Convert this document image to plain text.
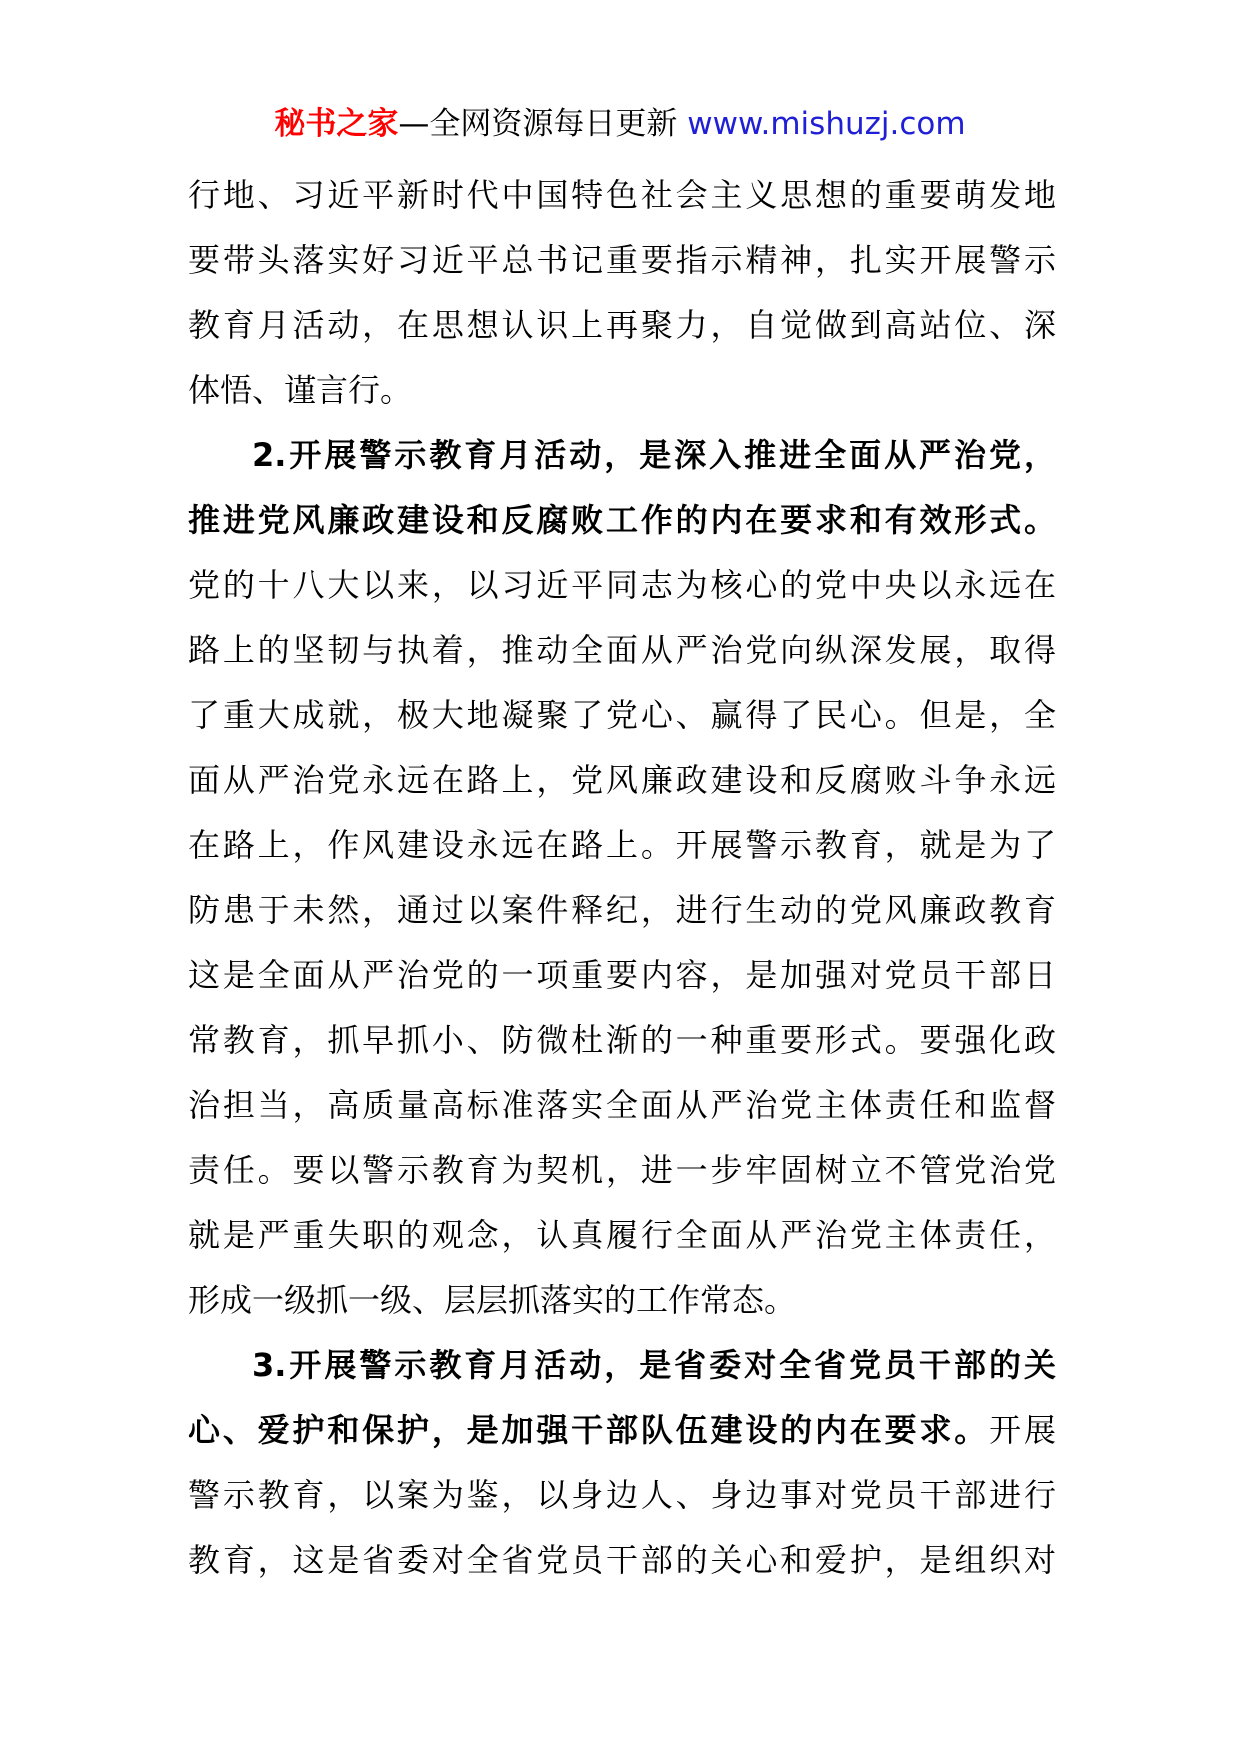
秘书之家—全网资源每日更新 www.mishuzj.com
行地、习近平新时代中国特色社会主义思想的重要萌发地
要带头落实好习近平总书记重要指示精神，扎实开展警示
教育月活动，在思想认识上再聚力，自觉做到高站位、深
体悟、谨言行。
2.开展警示教育月活动，是深入推进全面从严治党，
推进党风廉政建设和反腐败工作的内在要求和有效形式。
党的十八大以来，以习近平同志为核心的党中央以永远在
路上的坚韧与执着，推动全面从严治党向纵深发展，取得
了重大成就，极大地凝聚了党心、赢得了民心。但是，全
面从严治党永远在路上，党风廉政建设和反腐败斗争永远
在路上，作风建设永远在路上。开展警示教育，就是为了
防患于未然，通过以案件释纪，进行生动的党风廉政教育
这是全面从严治党的一项重要内容，是加强对党员干部日
常教育，抓早抓小、防微杜渐的一种重要形式。要强化政
治担当，高质量高标准落实全面从严治党主体责任和监督
责任。要以警示教育为契机，进一步牢固树立不管党治党
就是严重失职的观念，认真履行全面从严治党主体责任，
形成一级抓一级、层层抓落实的工作常态。
3.开展警示教育月活动，是省委对全省党员干部的关
心、爱护和保护，是加强干部队伍建设的内在要求。开展
警示教育，以案为鉴，以身边人、身边事对党员干部进行
教育，这是省委对全省党员干部的关心和爱护，是组织对
